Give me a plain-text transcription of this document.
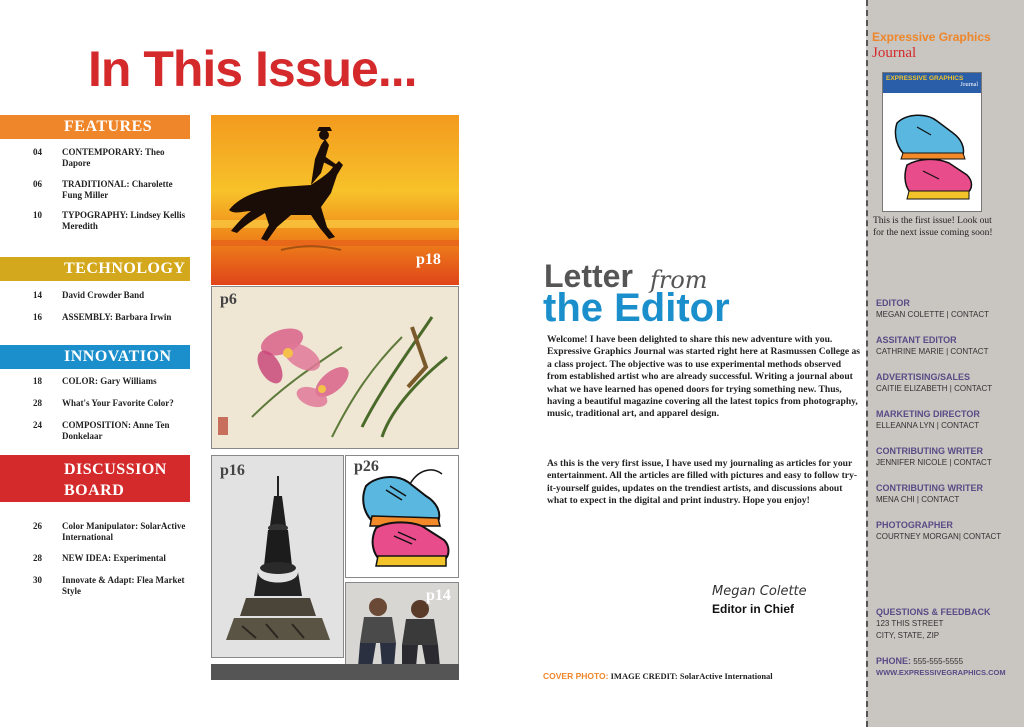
In This Issue...
FEATURES
04 CONTEMPORARY: Theo Dapore
06 TRADITIONAL: Charolette Fung Miller
10 TYPOGRAPHY: Lindsey Kellis Meredith
TECHNOLOGY
14 David Crowder Band
16 ASSEMBLY: Barbara Irwin
INNOVATION
18 COLOR: Gary Williams
28 What's Your Favorite Color?
24 COMPOSITION: Anne Ten Donkelaar
DISCUSSION
BOARD
26 Color Manipulator: SolarActive International
28 NEW IDEA: Experimental
30 Innovate & Adapt: Flea Market Style
p18
p6
p16	p26
p14
Letter from
the Editor
Welcome! I have been delighted to share this new adventure with you. Expressive Graphics Journal was started right here at Rasmussen College as a class project. The objective was to use experimental methods observed from established artist who are already successful. Writing a journal about what we have learned has opened doors for trying something new. Thus, having a beautiful magazine covering all the latest topics from photography, music, traditional art, and apparel design.
As this is the very first issue, I have used my journaling as articles for your entertainment. All the articles are filled with pictures and easy to follow try-it-yourself guides, updates on the trendiest artists, and discussions about what to expect in the digital and print industry. Hope you enjoy!
Megan Colette
Editor in Chief
COVER PHOTO: IMAGE CREDIT: SolarActive International
Expressive Graphics
Journal
EXPRESSIVE GRAPHICS
Journal
This is the first issue! Look out for the next issue coming soon!
EDITOR
MEGAN COLETTE | CONTACT
ASSITANT EDITOR
CATHRINE MARIE | CONTACT
ADVERTISING/SALES
CAITIE ELIZABETH | CONTACT
MARKETING DIRECTOR
ELLEANNA LYN | CONTACT
CONTRIBUTING WRITER
JENNIFER NICOLE | CONTACT
CONTRIBUTING WRITER
MENA CHI | CONTACT
PHOTOGRAPHER
COURTNEY MORGAN| CONTACT
QUESTIONS & FEEDBACK
123 THIS STREET
CITY, STATE, ZIP
PHONE: 555-555-5555
WWW.EXPRESSIVEGRAPHICS.COM
